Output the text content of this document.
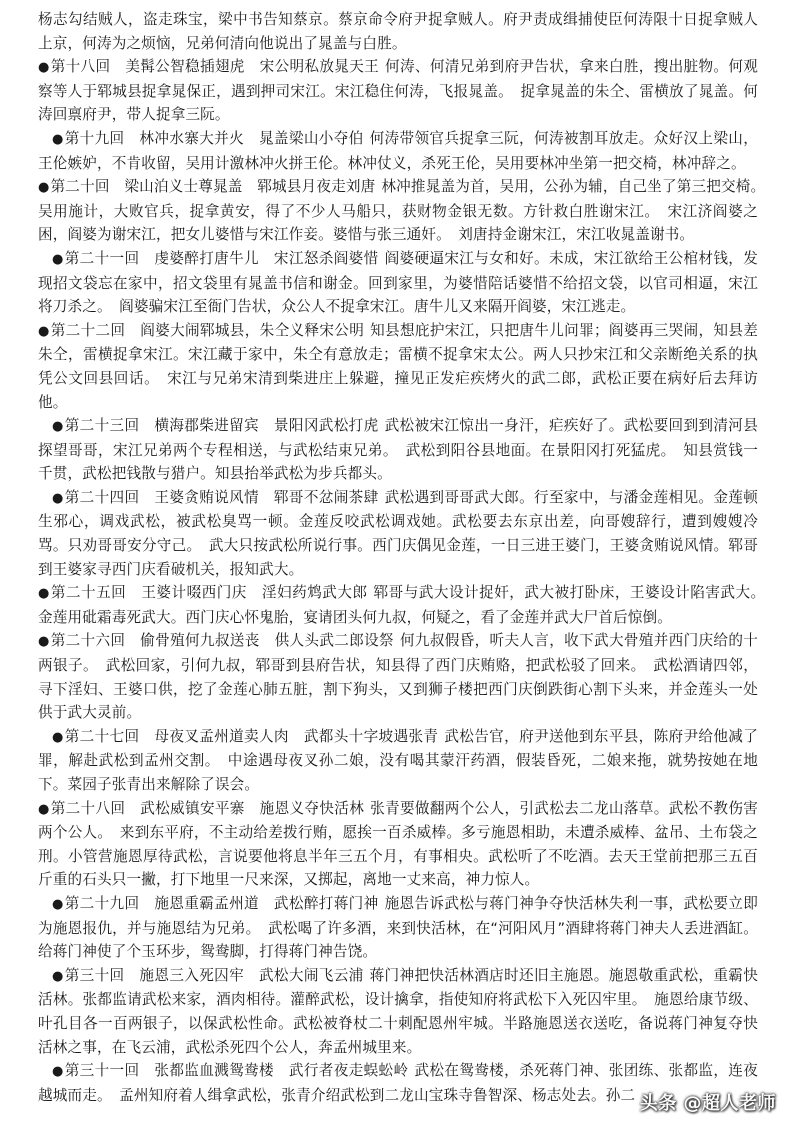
杨志勾结贼人，盗走珠宝，梁中书告知蔡京。蔡京命令府尹捉拿贼人。府尹责成缉捕使臣何涛限十日捉拿贼人上京，何涛为之烦恼，兄弟何清向他说出了晁盖与白胜。

●第十八回　美髯公智稳插翅虎　宋公明私放晁天王 何涛、何清兄弟到府尹告状，拿来白胜，搜出脏物。何观察等人于郓城县捉拿晁保正，遇到押司宋江。宋江稳住何涛，飞报晁盖。　捉拿晁盖的朱仝、雷横放了晁盖。何涛回禀府尹，带人捉拿三阮。

●第十九回　林冲水寨大并火　晁盖梁山小夺伯 何涛带领官兵捉拿三阮，何涛被割耳放走。众好汉上梁山，王伦嫉妒，不肯收留，吴用计激林冲火拼王伦。林冲仗义，杀死王伦，吴用要林冲坐第一把交椅，林冲辞之。

●第二十回　梁山泊义士尊晁盖　郓城县月夜走刘唐 林冲推晁盖为首，吴用，公孙为辅，自己坐了第三把交椅。　吴用施计，大败官兵，捉拿黄安，得了不少人马船只，获财物金银无数。方针救白胜谢宋江。　宋江济阎婆之困，阎婆为谢宋江，把女儿婆惜与宋江作妾。婆惜与张三通奸。　刘唐持金谢宋江，宋江收晁盖谢书。

●第二十一回　虔婆醉打唐牛儿　宋江怒杀阎婆惜 阎婆硬逼宋江与女和好。未成，宋江欲给王公棺材钱，发现招文袋忘在家中，招文袋里有晁盖书信和谢金。回到家里，为婆惜陪话婆惜不给招文袋，以官司相逼，宋江将刀杀之。　阎婆骗宋江至衙门告状，众公人不捉拿宋江。唐牛儿又来隔开阎婆，宋江逃走。

●第二十二回　阎婆大闹郓城县，朱仝义释宋公明 知县想庇护宋江，只把唐牛儿问罪；阎婆再三哭闹，知县差朱仝，雷横捉拿宋江。宋江藏于家中，朱仝有意放走；雷横不捉拿宋太公。两人只抄宋江和父亲断绝关系的执凭公文回县回话。　宋江与兄弟宋清到柴进庄上躲避，撞见正发疟疾烤火的武二郎，武松正要在病好后去拜访他。

●第二十三回　横海郡柴进留宾　景阳冈武松打虎 武松被宋江惊出一身汗，疟疾好了。武松要回到到清河县探望哥哥，宋江兄弟两个专程相送，与武松结束兄弟。　武松到阳谷县地面。在景阳冈打死猛虎。　知县赏钱一千贯，武松把钱散与猎户。知县抬举武松为步兵都头。

●第二十四回　王婆贪贿说风情　郓哥不忿闹茶肆 武松遇到哥哥武大郎。行至家中，与潘金莲相见。金莲顿生邪心，调戏武松，被武松臭骂一顿。金莲反咬武松调戏她。武松要去东京出差，向哥嫂辞行，遭到嫂嫂冷骂。只劝哥哥安分守己。　武大只按武松所说行事。西门庆偶见金莲，一日三进王婆门，王婆贪贿说风情。郓哥到王婆家寻西门庆看破机关，报知武大。

●第二十五回　王婆计啜西门庆　淫妇药鸩武大郎 郓哥与武大设计捉奸，武大被打卧床，王婆设计陷害武大。　金莲用砒霜毒死武大。西门庆心怀鬼胎，宴请团头何九叔，何疑之，看了金莲并武大尸首后惊倒。

●第二十六回　偷骨殖何九叔送丧　供人头武二郎设祭 何九叔假昏，听夫人言，收下武大骨殖并西门庆给的十两银子。　武松回家，引何九叔，郓哥到县府告状，知县得了西门庆贿赂，把武松驳了回来。　武松酒请四邻，寻下淫妇、王婆口供，挖了金莲心肺五脏，割下狗头，又到狮子楼把西门庆倒跌街心割下头来，并金莲头一处供于武大灵前。

●第二十七回　母夜叉孟州道卖人肉　武都头十字坡遇张青 武松告官，府尹送他到东平县，陈府尹给他减了罪，解赴武松到孟州交割。　中途遇母夜叉孙二娘，没有喝其蒙汗药酒，假装昏死，二娘来拖，就势按她在地下。菜园子张青出来解除了误会。

●第二十八回　武松威镇安平寨　施恩义夺快活林 张青要做翻两个公人，引武松去二龙山落草。武松不教伤害两个公人。　来到东平府，不主动给差拨行贿，愿挨一百杀威棒。多亏施恩相助，未遭杀威棒、盆吊、土布袋之刑。小管营施恩厚待武松，言说要他将息半年三五个月，有事相央。武松听了不吃酒。去天王堂前把那三五百斤重的石头只一撇，打下地里一尺来深，又掷起，离地一丈来高，神力惊人。

●第二十九回　施恩重霸孟州道　武松醉打蒋门神 施恩告诉武松与蒋门神争夺快活林失利一事，武松要立即为施恩报仇，并与施恩结为兄弟。　武松喝了许多酒，来到快活林，在“河阳风月”酒肆将蒋门神夫人丢进酒缸。给蒋门神使了个玉环步，鸳鸯脚，打得蒋门神告饶。

●第三十回　施恩三入死囚牢　武松大闹飞云浦 蒋门神把快活林酒店时还旧主施恩。施恩敬重武松，重霸快活林。张都监请武松来家，酒肉相待。灌醉武松，设计擒拿，指使知府将武松下入死囚牢里。　施恩给康节级、叶孔目各一百两银子，以保武松性命。武松被脊杖二十刺配恩州牢城。半路施恩送衣送吃，备说蒋门神复夺快活林之事，在飞云浦，武松杀死四个公人，奔孟州城里来。

●第三十一回　张都监血溅鸳鸯楼　武行者夜走蜈蚣岭 武松在鸳鸯楼，杀死蒋门神、张团练、张都监，连夜越城而走。　孟州知府着人缉拿武松，张青介绍武松到二龙山宝珠寺鲁智深、杨志处去。孙二 头条 @超人老师
